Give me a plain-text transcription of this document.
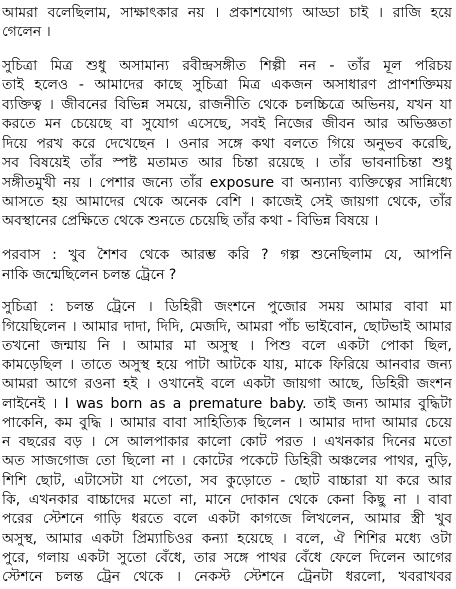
আমরা বলেছিলাম, সাক্ষাৎকার নয় । প্রকাশযোগ্য আড্ডা চাই । রাজি হয়ে
গেলেন ।
সুচিত্রা মিত্র শুধু অসামান্য রবীন্দ্রসঙ্গীত শিল্পী নন - তাঁর মূল পরিচয়
তাই হলেও - আমাদের কাছে সুচিত্রা মিত্র একজন অসাধারণ প্রাণশক্তিময়
ব্যক্তিত্ব । জীবনের বিভিন্ন সময়ে, রাজনীতি থেকে চলচ্চিত্রে অভিনয়, যখন যা
করতে মন চেয়েছে বা সুযোগ এসেছে, সবই নিজের জীবন আর অভিজ্ঞতা
দিয়ে পরখ করে দেখেছেন । ওনার সঙ্গে কথা বলতে গিয়ে অনুভব করেছি,
সব বিষয়েই তাঁর স্পষ্ট মতামত আর চিন্তা রয়েছে । তাঁর ভাবনাচিন্তা শুধু
সঙ্গীতমুখী নয় । পেশার জন্যে তাঁর exposure বা অন্যান্য ব্যক্তিত্বের সান্নিধ্যে
আসতে হয় আমাদের থেকে অনেক বেশি । কাজেই সেই জায়গা থেকে, তাঁর
অবস্থানের প্রেক্ষিতে থেকে শুনতে চেয়েছি তাঁর কথা - বিভিন্ন বিষয়ে ।
পরবাস : খুব শৈশব থেকে আরম্ভ করি ? গল্প শুনেছিলাম যে, আপনি
নাকি জন্মেছিলেন চলন্ত ট্রেনে ?
সুচিত্রা : চলন্ত ট্রেনে । ডিহিরী জংশনে পুজোর সময় আমার বাবা মা
গিয়েছিলেন । আমার দাদা, দিদি, মেজদি, আমরা পাঁচ ভাইবোন, ছোটভাই আমার
তখনো জন্মায় নি । আমার মা অসুস্থ । পিশু বলে একটা পোকা ছিল,
কামড়েছিল । তাতে অসুস্থ হয়ে পাটা আটকে যায়, মাকে ফিরিয়ে আনবার জন্য
আমরা আগে রওনা হই । ওখানেই বলে একটা জায়গা আছে, ডিহিরী জংশন
লাইনেই । I was born as a premature baby. তাই জন্য আমার বুদ্ধিটা
পাকেনি, কম বুদ্ধি । আমার বাবা সাহিত্যিক ছিলেন । আমার দাদা আমার চেয়ে
ন বছরের বড় । সে আলপাকার কালো কোট পরত । এখনকার দিনের মতো
অত সাজগোজ তো ছিলো না । কোটের পকেটে ডিহিরী অঞ্চলের পাথর, নুড়ি,
শিশি ছোট, এটাসেটা যা পেতো, সব কুড়োতে - ছোট বাচ্চারা যা করে আর
কি, এখনকার বাচ্চাদের মতো না, মানে দোকান থেকে কেনা কিছু না । বাবা
পরের স্টেশনে গাড়ি ধরতে বলে একটা কাগজে লিখলেন, আমার স্ত্রী খুব
অসুস্থ, আমার একটা প্রিম্যাচিওর কন্যা হয়েছে । বলে, ঐ শিশির মধ্যে ওটা
পুরে, গলায় একটা সুতো বেঁধে, তার সঙ্গে পাথর বেঁধে ফেলে দিলেন আগের
স্টেশনে চলন্ত ট্রেন থেকে । নেকস্ট স্টেশনে ট্রেনটা ধরলো, খবরাখবর
